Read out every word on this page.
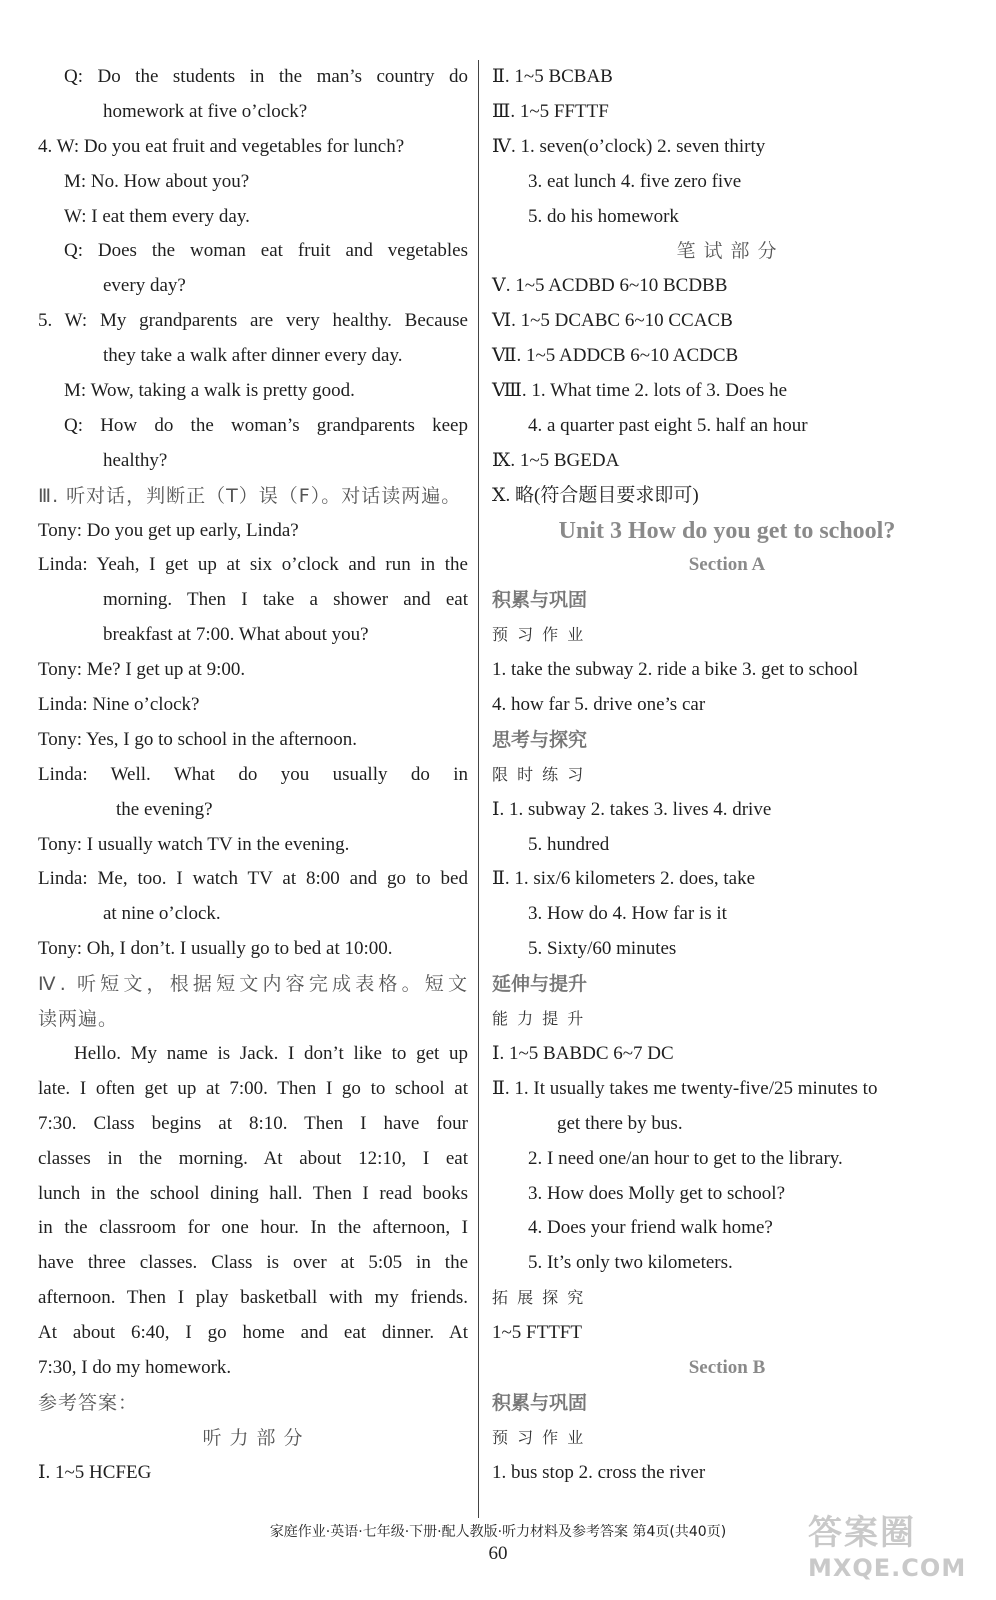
Q: Do the students in the man’s country do
homework at five o’clock?
4. W: Do you eat fruit and vegetables for lunch?
M: No. How about you?
W: I eat them every day.
Q: Does the woman eat fruit and vegetables
every day?
5. W: My grandparents are very healthy. Because
they take a walk after dinner every day.
M: Wow, taking a walk is pretty good.
Q: How do the woman’s grandparents keep
healthy?
Ⅲ. 听对话，判断正（T）误（F）。对话读两遍。
Tony: Do you get up early, Linda?
Linda: Yeah, I get up at six o’clock and run in the
morning. Then I take a shower and eat
breakfast at 7:00. What about you?
Tony: Me? I get up at 9:00.
Linda: Nine o’clock?
Tony: Yes, I go to school in the afternoon.
Linda: Well. What do you usually do in
the evening?
Tony: I usually watch TV in the evening.
Linda: Me, too. I watch TV at 8:00 and go to bed
at nine o’clock.
Tony: Oh, I don’t. I usually go to bed at 10:00.
Ⅳ. 听短文，根据短文内容完成表格。短文
读两遍。
Hello. My name is Jack. I don’t like to get up
late. I often get up at 7:00. Then I go to school at
7:30. Class begins at 8:10. Then I have four
classes in the morning. At about 12:10, I eat
lunch in the school dining hall. Then I read books
in the classroom for one hour. In the afternoon, I
have three classes. Class is over at 5:05 in the
afternoon. Then I play basketball with my friends.
At about 6:40, I go home and eat dinner. At
7:30, I do my homework.
参考答案：
听 力 部 分
Ⅰ. 1~5 HCFEG
Ⅱ. 1~5 BCBAB
Ⅲ. 1~5 FFTTF
Ⅳ. 1. seven(o’clock) 2. seven thirty
3. eat lunch 4. five zero five
5. do his homework
笔 试 部 分
Ⅴ. 1~5 ACDBD 6~10 BCDBB
Ⅵ. 1~5 DCABC 6~10 CCACB
Ⅶ. 1~5 ADDCB 6~10 ACDCB
Ⅷ. 1. What time 2. lots of 3. Does he
4. a quarter past eight 5. half an hour
Ⅸ. 1~5 BGEDA
Ⅹ. 略(符合题目要求即可)
Unit 3 How do you get to school?
Section A
积累与巩固
预 习 作 业
1. take the subway 2. ride a bike 3. get to school
4. how far 5. drive one’s car
思考与探究
限 时 练 习
Ⅰ. 1. subway 2. takes 3. lives 4. drive
5. hundred
Ⅱ. 1. six/6 kilometers 2. does, take
3. How do 4. How far is it
5. Sixty/60 minutes
延伸与提升
能 力 提 升
Ⅰ. 1~5 BABDC 6~7 DC
Ⅱ. 1. It usually takes me twenty-five/25 minutes to
get there by bus.
2. I need one/an hour to get to the library.
3. How does Molly get to school?
4. Does your friend walk home?
5. It’s only two kilometers.
拓 展 探 究
1~5 FTTFT
Section B
积累与巩固
预 习 作 业
1. bus stop 2. cross the river
家庭作业·英语·七年级·下册·配人教版·听力材料及参考答案 第4页(共40页)
60
答案圈
MXQE.COM
